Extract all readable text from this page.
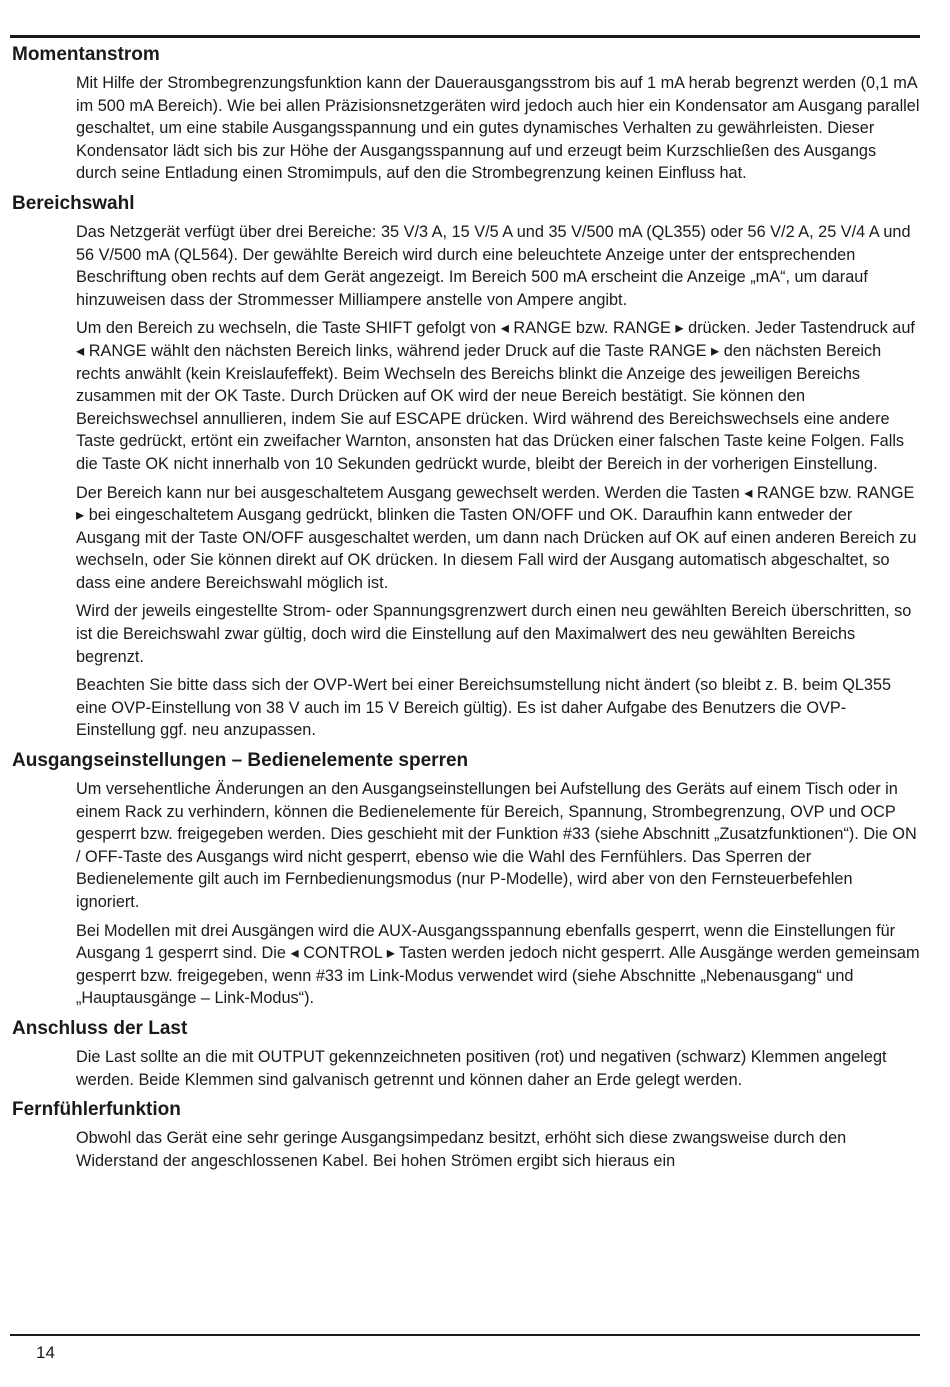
Momentanstrom

Mit Hilfe der Strombegrenzungsfunktion kann der Dauerausgangsstrom bis auf 1 mA herab begrenzt werden (0,1 mA im 500 mA Bereich). Wie bei allen Präzisionsnetzgeräten wird jedoch auch hier ein Kondensator am Ausgang parallel geschaltet, um eine stabile Ausgangsspannung und ein gutes dynamisches Verhalten zu gewährleisten. Dieser Kondensator lädt sich bis zur Höhe der Ausgangsspannung auf und erzeugt beim Kurzschließen des Ausgangs durch seine Entladung einen Stromimpuls, auf den die Strombegrenzung keinen Einfluss hat.

Bereichswahl

Das Netzgerät verfügt über drei Bereiche: 35 V/3 A, 15 V/5 A und 35 V/500 mA (QL355) oder 56 V/2 A, 25 V/4 A und 56 V/500 mA (QL564). Der gewählte Bereich wird durch eine beleuchtete Anzeige unter der entsprechenden Beschriftung oben rechts auf dem Gerät angezeigt. Im Bereich 500 mA erscheint die Anzeige „mA“, um darauf hinzuweisen dass der Strommesser Milliampere anstelle von Ampere angibt.

Um den Bereich zu wechseln, die Taste SHIFT gefolgt von ◂ RANGE bzw. RANGE ▸ drücken. Jeder Tastendruck auf ◂ RANGE wählt den nächsten Bereich links, während jeder Druck auf die Taste RANGE ▸ den nächsten Bereich rechts anwählt (kein Kreislaufeffekt). Beim Wechseln des Bereichs blinkt die Anzeige des jeweiligen Bereichs zusammen mit der OK Taste. Durch Drücken auf OK wird der neue Bereich bestätigt. Sie können den Bereichswechsel annullieren, indem Sie auf ESCAPE drücken. Wird während des Bereichswechsels eine andere Taste gedrückt, ertönt ein zweifacher Warnton, ansonsten hat das Drücken einer falschen Taste keine Folgen. Falls die Taste OK nicht innerhalb von 10 Sekunden gedrückt wurde, bleibt der Bereich in der vorherigen Einstellung.

Der Bereich kann nur bei ausgeschaltetem Ausgang gewechselt werden. Werden die Tasten ◂ RANGE bzw. RANGE ▸ bei eingeschaltetem Ausgang gedrückt, blinken die Tasten ON/OFF und OK. Daraufhin kann entweder der Ausgang mit der Taste ON/OFF ausgeschaltet werden, um dann nach Drücken auf OK auf einen anderen Bereich zu wechseln, oder Sie können direkt auf OK drücken. In diesem Fall wird der Ausgang automatisch abgeschaltet, so dass eine andere Bereichswahl möglich ist.

Wird der jeweils eingestellte Strom- oder Spannungsgrenzwert durch einen neu gewählten Bereich überschritten, so ist die Bereichswahl zwar gültig, doch wird die Einstellung auf den Maximalwert des neu gewählten Bereichs begrenzt.

Beachten Sie bitte dass sich der OVP-Wert bei einer Bereichsumstellung nicht ändert (so bleibt z. B. beim QL355 eine OVP-Einstellung von 38 V auch im 15 V Bereich gültig). Es ist daher Aufgabe des Benutzers die OVP-Einstellung ggf. neu anzupassen.

Ausgangseinstellungen – Bedienelemente sperren

Um versehentliche Änderungen an den Ausgangseinstellungen bei Aufstellung des Geräts auf einem Tisch oder in einem Rack zu verhindern, können die Bedienelemente für Bereich, Spannung, Strombegrenzung, OVP und OCP gesperrt bzw. freigegeben werden. Dies geschieht mit der Funktion #33 (siehe Abschnitt „Zusatzfunktionen“). Die ON / OFF-Taste des Ausgangs wird nicht gesperrt, ebenso wie die Wahl des Fernfühlers. Das Sperren der Bedienelemente gilt auch im Fernbedienungsmodus (nur P-Modelle), wird aber von den Fernsteuerbefehlen ignoriert.

Bei Modellen mit drei Ausgängen wird die AUX-Ausgangsspannung ebenfalls gesperrt, wenn die Einstellungen für Ausgang 1 gesperrt sind. Die ◂ CONTROL ▸ Tasten werden jedoch nicht gesperrt. Alle Ausgänge werden gemeinsam gesperrt bzw. freigegeben, wenn #33 im Link-Modus verwendet wird (siehe Abschnitte „Nebenausgang“ und „Hauptausgänge – Link-Modus“).

Anschluss der Last

Die Last sollte an die mit OUTPUT gekennzeichneten positiven (rot) und negativen (schwarz) Klemmen angelegt werden. Beide Klemmen sind galvanisch getrennt und können daher an Erde gelegt werden.

Fernfühlerfunktion

Obwohl das Gerät eine sehr geringe Ausgangsimpedanz besitzt, erhöht sich diese zwangsweise durch den Widerstand der angeschlossenen Kabel. Bei hohen Strömen ergibt sich hieraus ein

14
